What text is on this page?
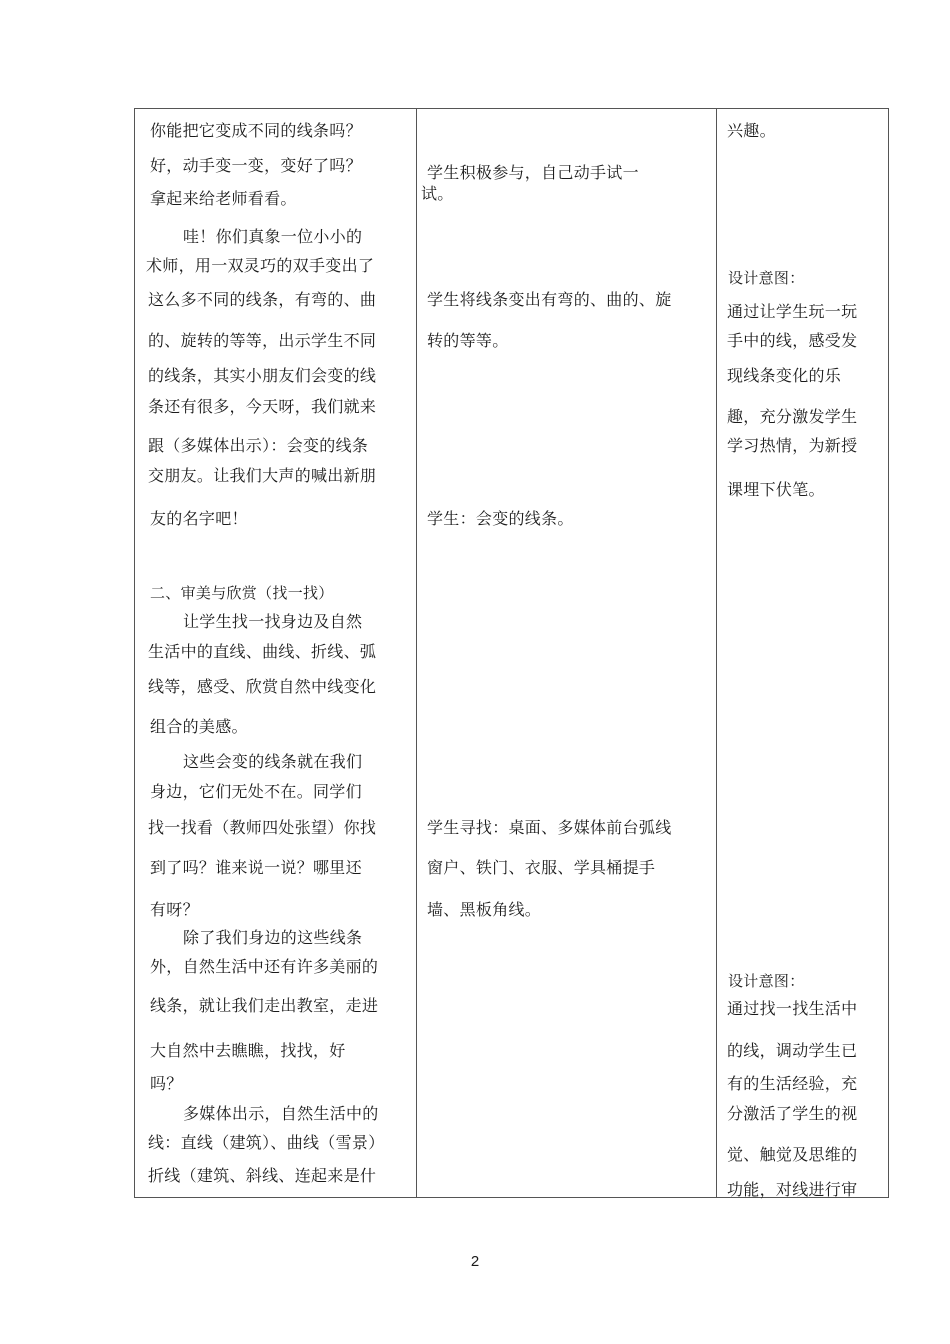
你能把它变成不同的线条吗？
好，动手变一变，变好了吗？
拿起来给老师看看。
哇！你们真象一位小小的
术师，用一双灵巧的双手变出了
这么多不同的线条，有弯的、曲
的、旋转的等等，出示学生不同
的线条，其实小朋友们会变的线
条还有很多，今天呀，我们就来
跟（多媒体出示）：会变的线条
交朋友。让我们大声的喊出新朋
友的名字吧！
二、审美与欣赏（找一找）
让学生找一找身边及自然
生活中的直线、曲线、折线、弧
线等，感受、欣赏自然中线变化
组合的美感。
这些会变的线条就在我们
身边，它们无处不在。同学们
找一找看（教师四处张望）你找
到了吗？谁来说一说？哪里还
有呀？
除了我们身边的这些线条
外，自然生活中还有许多美丽的
线条，就让我们走出教室，走进
大自然中去瞧瞧，找找，好
吗？
多媒体出示，自然生活中的
线：直线（建筑）、曲线（雪景）
折线（建筑、斜线、连起来是什
学生积极参与，自己动手试一
试。
学生将线条变出有弯的、曲的、旋
转的等等。
学生：会变的线条。
学生寻找：桌面、多媒体前台弧线
窗户、铁门、衣服、学具桶提手
墙、黑板角线。
兴趣。
设计意图：
通过让学生玩一玩
手中的线，感受发
现线条变化的乐
趣，充分激发学生
学习热情，为新授
课埋下伏笔。
设计意图：
通过找一找生活中
的线，调动学生已
有的生活经验，充
分激活了学生的视
觉、触觉及思维的
功能，对线进行审
2
